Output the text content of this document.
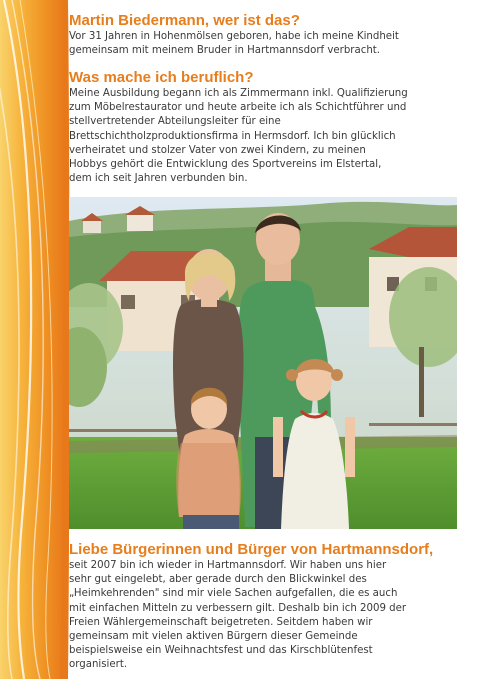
Martin Biedermann, wer ist das?

Vor 31 Jahren in Hohenmölsen geboren, habe ich meine Kindheit
gemeinsam mit meinem Bruder in Hartmannsdorf verbracht.

Was mache ich beruflich?

Meine Ausbildung begann ich als Zimmermann inkl. Qualifizierung
zum Möbelrestaurator und heute arbeite ich als Schichtführer und
stellvertretender Abteilungsleiter für eine
Brettschichtholzproduktionsfirma in Hermsdorf. Ich bin glücklich
verheiratet und stolzer Vater von zwei Kindern, zu meinen
Hobbys gehört die Entwicklung des Sportvereins im Elstertal,
dem ich seit Jahren verbunden bin.

Liebe Bürgerinnen und Bürger von Hartmannsdorf,

seit 2007 bin ich wieder in Hartmannsdorf. Wir haben uns hier
sehr gut eingelebt, aber gerade durch den Blickwinkel des
„Heimkehrenden" sind mir viele Sachen aufgefallen, die es auch
mit einfachen Mitteln zu verbessern gilt. Deshalb bin ich 2009 der
Freien Wählergemeinschaft beigetreten. Seitdem haben wir
gemeinsam mit vielen aktiven Bürgern dieser Gemeinde
beispielsweise ein Weihnachtsfest und das Kirschblütenfest
organisiert.
